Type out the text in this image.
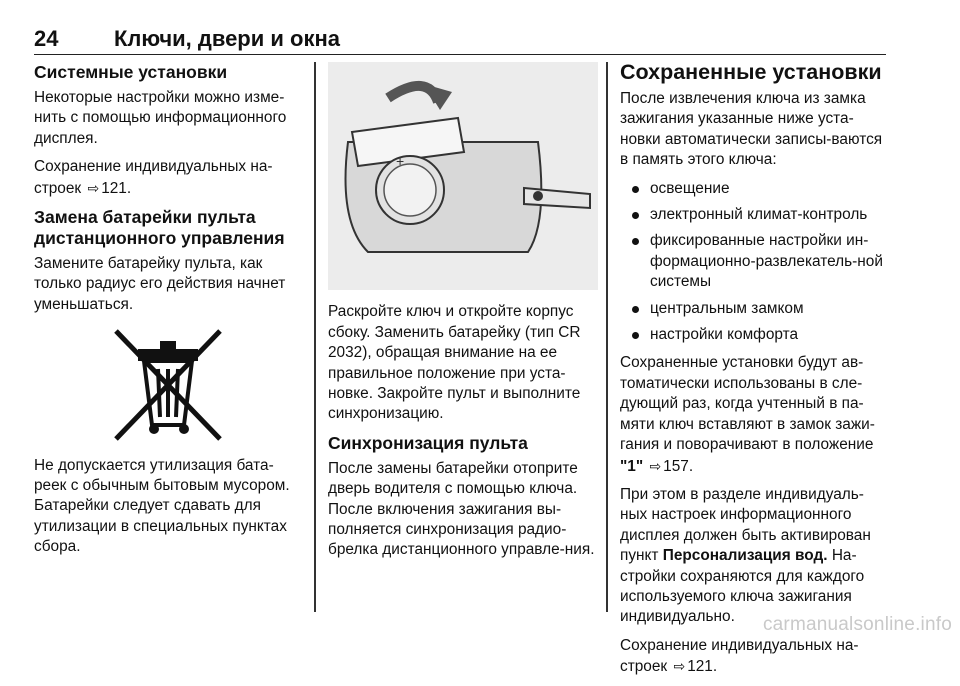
24	Ключи, двери и окна
Системные установки

Некоторые настройки можно изме-нить с помощью информационного дисплея.

Сохранение индивидуальных на-строек ⇨ 121.

Замена батарейки пульта дистанционного управления

Замените батарейку пульта, как только радиус его действия начнет уменьшаться.

Не допускается утилизация бата-реек с обычным бытовым мусором. Батарейки следует сдавать для утилизации в специальных пунктах сбора.

+

Раскройте ключ и откройте корпус сбоку. Заменить батарейку (тип CR 2032), обращая внимание на ее правильное положение при уста-новке. Закройте пульт и выполните синхронизацию.

Синхронизация пульта

После замены батарейки отоприте дверь водителя с помощью ключа. После включения зажигания вы-полняется синхронизация радио-брелка дистанционного управле-ния.

Сохраненные установки

После извлечения ключа из замка зажигания указанные ниже уста-новки автоматически записы-ваются в память этого ключа:

освещение
электронный климат-контроль
фиксированные настройки ин-формационно-развлекатель-ной системы
центральным замком
настройки комфорта

Сохраненные установки будут ав-томатически использованы в сле-дующий раз, когда учтенный в па-мяти ключ вставляют в замок зажи-гания и поворачивают в положение "1" ⇨ 157.

При этом в разделе индивидуаль-ных настроек информационного дисплея должен быть активирован пункт Персонализация вод. На-стройки сохраняются для каждого используемого ключа зажигания индивидуально.

Сохранение индивидуальных на-строек ⇨ 121.

carmanualsonline.info
